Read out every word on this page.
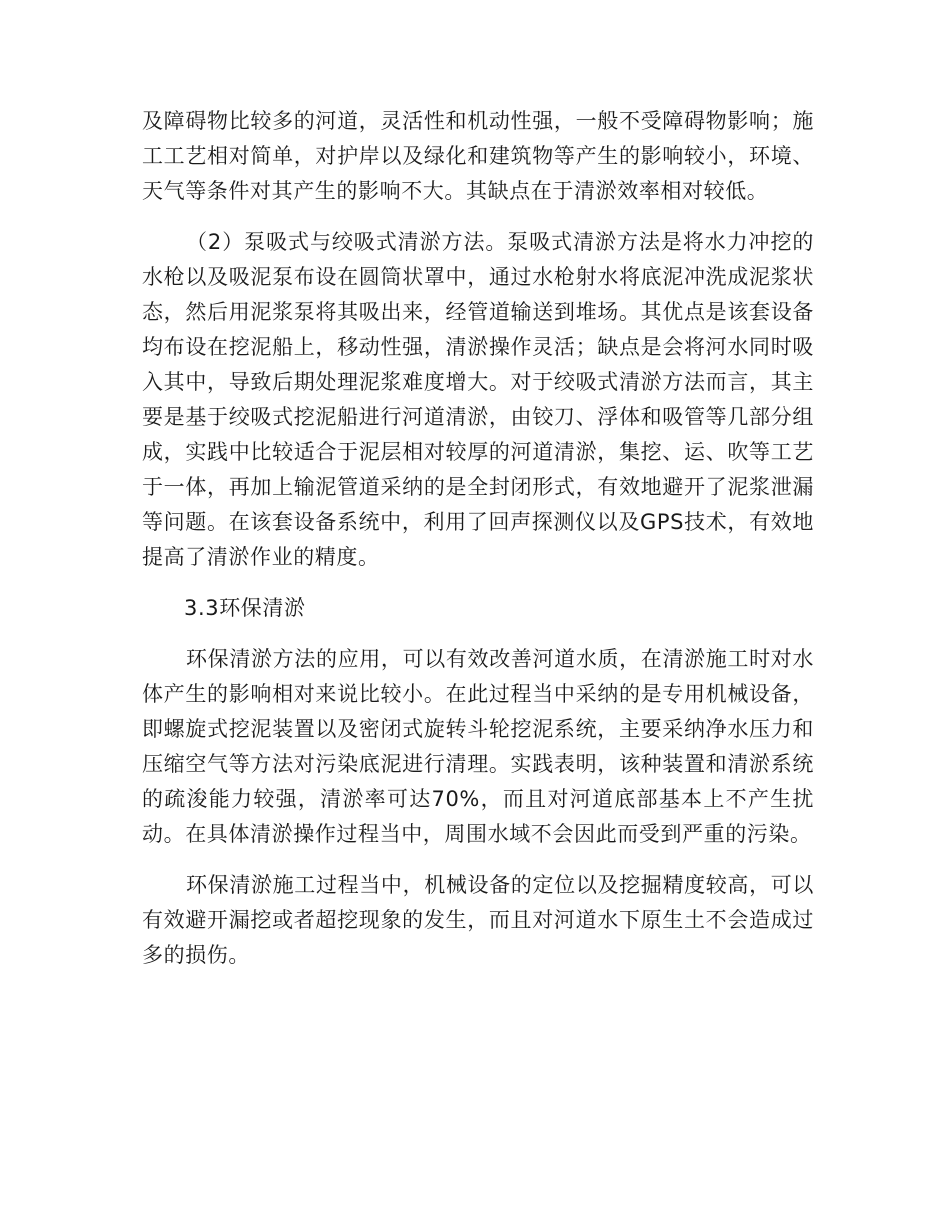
及障碍物比较多的河道，灵活性和机动性强，一般不受障碍物影响；施工工艺相对简单，对护岸以及绿化和建筑物等产生的影响较小，环境、天气等条件对其产生的影响不大。其缺点在于清淤效率相对较低。

（2）泵吸式与绞吸式清淤方法。泵吸式清淤方法是将水力冲挖的水枪以及吸泥泵布设在圆筒状罩中，通过水枪射水将底泥冲洗成泥浆状态，然后用泥浆泵将其吸出来，经管道输送到堆场。其优点是该套设备均布设在挖泥船上，移动性强，清淤操作灵活；缺点是会将河水同时吸入其中，导致后期处理泥浆难度增大。对于绞吸式清淤方法而言，其主要是基于绞吸式挖泥船进行河道清淤，由铰刀、浮体和吸管等几部分组成，实践中比较适合于泥层相对较厚的河道清淤，集挖、运、吹等工艺于一体，再加上输泥管道采纳的是全封闭形式，有效地避开了泥浆泄漏等问题。在该套设备系统中，利用了回声探测仪以及GPS技术，有效地提高了清淤作业的精度。

3.3环保清淤

环保清淤方法的应用，可以有效改善河道水质，在清淤施工时对水体产生的影响相对来说比较小。在此过程当中采纳的是专用机械设备，即螺旋式挖泥装置以及密闭式旋转斗轮挖泥系统，主要采纳净水压力和压缩空气等方法对污染底泥进行清理。实践表明，该种装置和清淤系统的疏浚能力较强，清淤率可达70%，而且对河道底部基本上不产生扰动。在具体清淤操作过程当中，周围水域不会因此而受到严重的污染。

环保清淤施工过程当中，机械设备的定位以及挖掘精度较高，可以有效避开漏挖或者超挖现象的发生，而且对河道水下原生土不会造成过多的损伤。
